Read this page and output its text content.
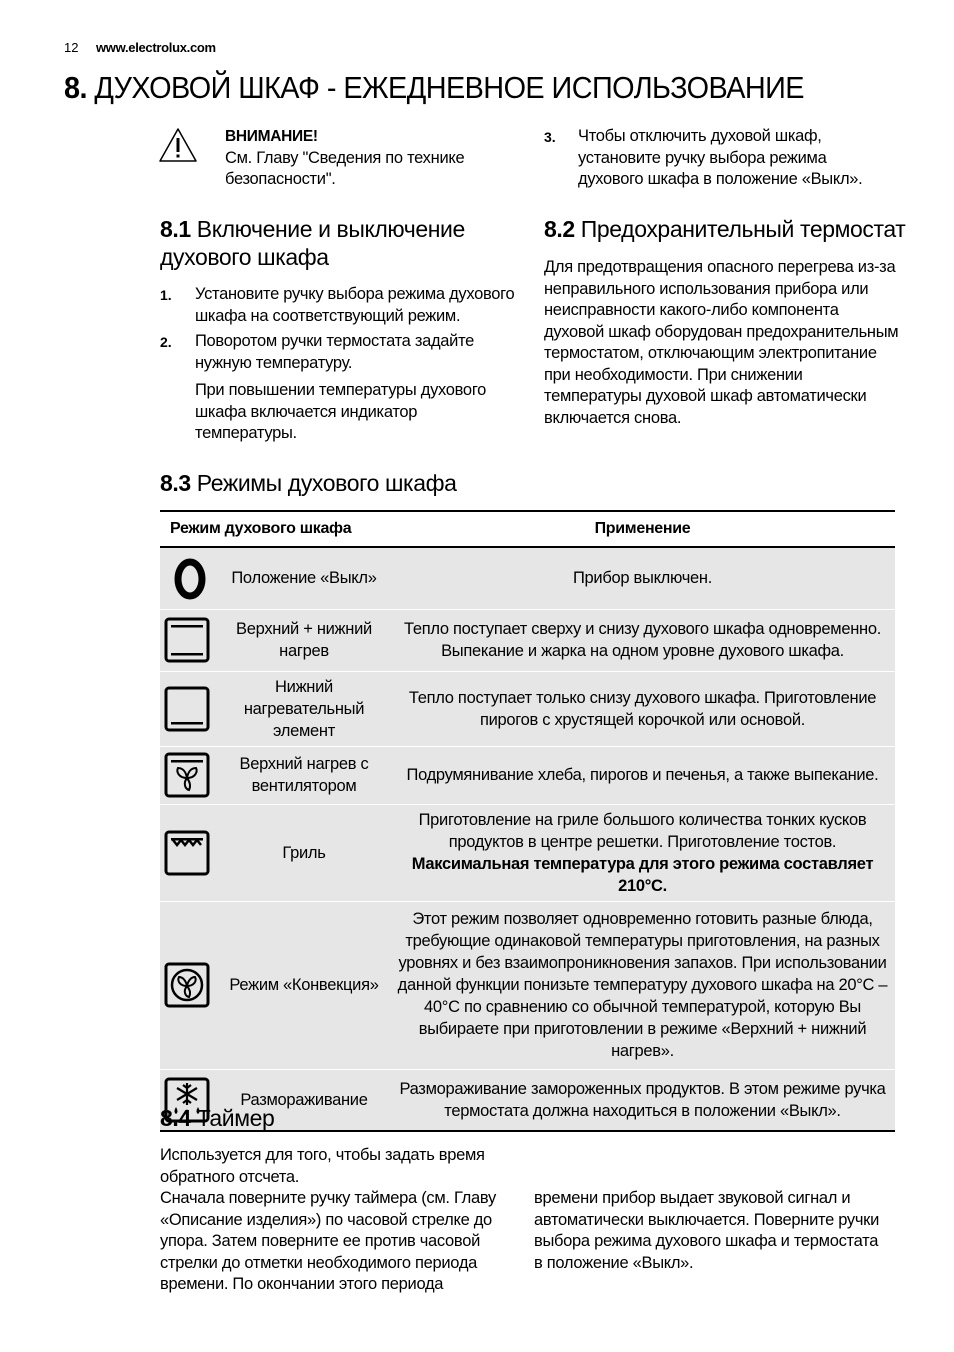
12 www.electrolux.com
8. ДУХОВОЙ ШКАФ - ЕЖЕДНЕВНОЕ ИСПОЛЬЗОВАНИЕ
ВНИМАНИЕ!
См. Главу "Сведения по технике безопасности".
3. Чтобы отключить духовой шкаф, установите ручку выбора режима духового шкафа в положение «Выкл».
8.1 Включение и выключение духового шкафа
1. Установите ручку выбора режима духового шкафа на соответствующий режим.
2. Поворотом ручки термостата задайте нужную температуру.
При повышении температуры духового шкафа включается индикатор температуры.
8.2 Предохранительный термостат
Для предотвращения опасного перегрева из-за неправильного использования прибора или неисправности какого-либо компонента духовой шкаф оборудован предохранительным термостатом, отключающим электропитание при необходимости. При снижении температуры духовой шкаф автоматически включается снова.
8.3 Режимы духового шкафа
Режим духового шкафа		Применение

	Положение «Выкл»	Прибор выключен.

	Верхний + нижний нагрев	Тепло поступает сверху и снизу духового шкафа одновременно. Выпекание и жарка на одном уровне духового шкафа.

	Нижний нагревательный элемент	Тепло поступает только снизу духового шкафа. Приготовление пирогов с хрустящей корочкой или основой.

	Верхний нагрев с вентилятором	Подрумянивание хлеба, пирогов и печенья, а также выпекание.

	Гриль	Приготовление на гриле большого количества тонких кусков продуктов в центре решетки. Приготовление тостов. Максимальная температура для этого режима составляет 210°C.

	Режим «Конвекция»	Этот режим позволяет одновременно готовить разные блюда, требующие одинаковой температуры приготовления, на разных уровнях и без взаимопроникновения запахов. При использовании данной функции понизьте температуру духового шкафа на 20°C – 40°C по сравнению со обычной температурой, которую Вы выбираете при приготовлении в режиме «Верхний + нижний нагрев».

	Размораживание	Размораживание замороженных продуктов. В этом режиме ручка термостата должна находиться в положении «Выкл».
8.4 Таймер
Используется для того, чтобы задать время обратного отсчета.
Сначала поверните ручку таймера (см. Главу «Описание изделия») по часовой стрелке до упора. Затем поверните ее против часовой стрелки до отметки необходимого периода времени. По окончании этого периода времени прибор выдает звуковой сигнал и автоматически выключается. Поверните ручки выбора режима духового шкафа и термостата в положение «Выкл».
